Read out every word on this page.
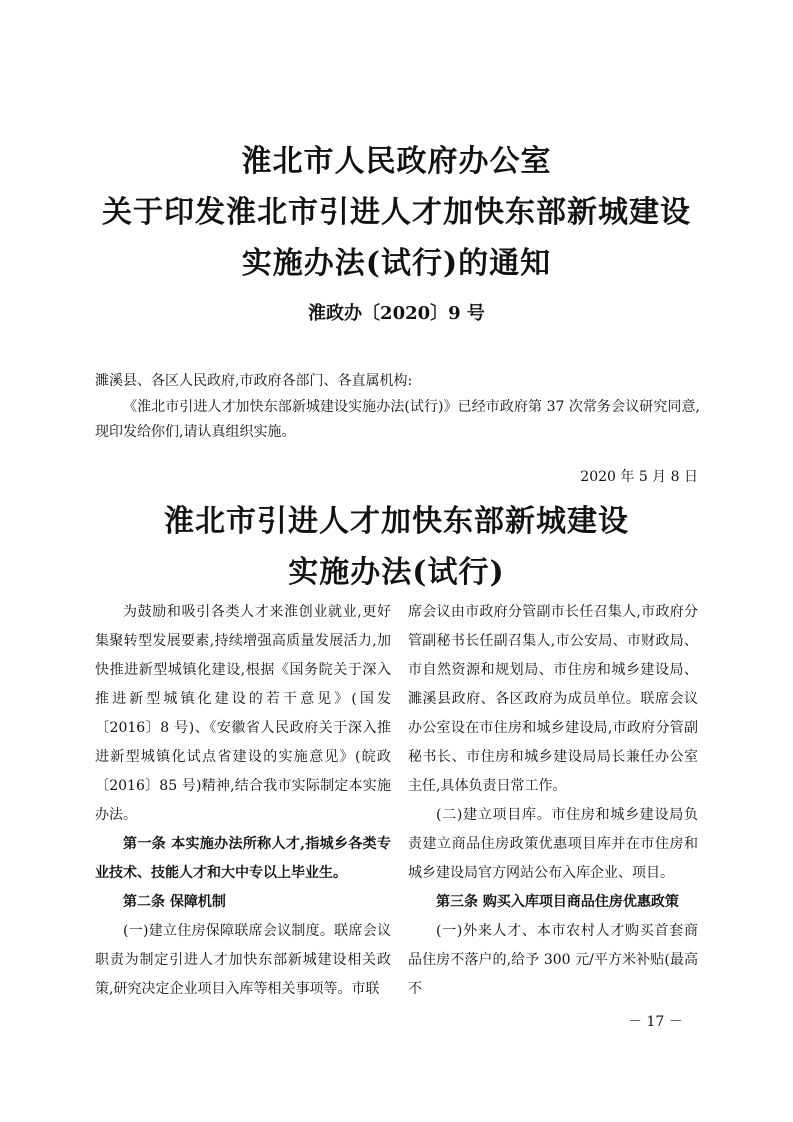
淮北市人民政府办公室
关于印发淮北市引进人才加快东部新城建设
实施办法(试行)的通知
淮政办〔2020〕9 号
濉溪县、各区人民政府,市政府各部门、各直属机构:
《淮北市引进人才加快东部新城建设实施办法(试行)》已经市政府第 37 次常务会议研究同意,现印发给你们,请认真组织实施。
2020 年 5 月 8 日
淮北市引进人才加快东部新城建设
实施办法(试行)

为鼓励和吸引各类人才来淮创业就业,更好集聚转型发展要素,持续增强高质量发展活力,加快推进新型城镇化建设,根据《国务院关于深入推进新型城镇化建设的若干意见》(国发〔2016〕8 号)、《安徽省人民政府关于深入推进新型城镇化试点省建设的实施意见》(皖政〔2016〕85 号)精神,结合我市实际制定本实施办法。

第一条 本实施办法所称人才,指城乡各类专业技术、技能人才和大中专以上毕业生。

第二条 保障机制

(一)建立住房保障联席会议制度。联席会议职责为制定引进人才加快东部新城建设相关政策,研究决定企业项目入库等相关事项等。市联

席会议由市政府分管副市长任召集人,市政府分管副秘书长任副召集人,市公安局、市财政局、市自然资源和规划局、市住房和城乡建设局、濉溪县政府、各区政府为成员单位。联席会议办公室设在市住房和城乡建设局,市政府分管副秘书长、市住房和城乡建设局局长兼任办公室主任,具体负责日常工作。

(二)建立项目库。市住房和城乡建设局负责建立商品住房政策优惠项目库并在市住房和城乡建设局官方网站公布入库企业、项目。

第三条 购买入库项目商品住房优惠政策

(一)外来人才、本市农村人才购买首套商品住房不落户的,给予 300 元/平方米补贴(最高不

－ 17 －
